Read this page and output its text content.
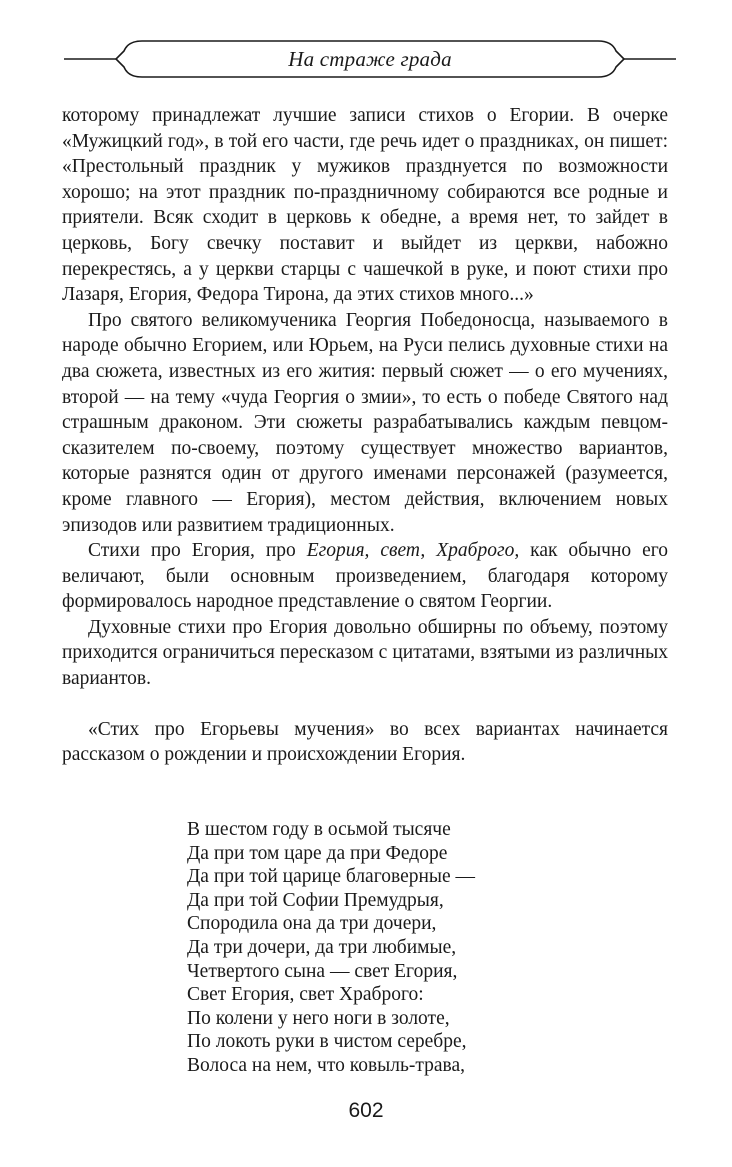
На страже града

которому принадлежат лучшие записи стихов о Егории. В очерке «Мужицкий год», в той его части, где речь идет о праздниках, он пишет: «Престольный праздник у мужиков празднуется по возможности хорошо; на этот праздник по-праздничному собираются все родные и приятели. Всяк сходит в церковь к обедне, а время нет, то зайдет в церковь, Богу свечку поставит и выйдет из церкви, набожно перекрестясь, а у церкви старцы с чашечкой в руке, и поют стихи про Лазаря, Егория, Федора Тирона, да этих стихов много...»

Про святого великомученика Георгия Победоносца, называемого в народе обычно Егорием, или Юрьем, на Руси пелись духовные стихи на два сюжета, известных из его жития: первый сюжет — о его мучениях, второй — на тему «чуда Георгия о змии», то есть о победе Святого над страшным драконом. Эти сюжеты разрабатывались каждым певцом-сказителем по-своему, поэтому существует множество вариантов, которые разнятся один от другого именами персонажей (разумеется, кроме главного — Егория), местом действия, включением новых эпизодов или развитием традиционных.

Стихи про Егория, про Егория, свет, Храброго, как обычно его величают, были основным произведением, благодаря которому формировалось народное представление о святом Георгии.

Духовные стихи про Егория довольно обширны по объему, поэтому приходится ограничиться пересказом с цитатами, взятыми из различных вариантов.

«Стих про Егорьевы мучения» во всех вариантах начинается рассказом о рождении и происхождении Егория.

В шестом году в осьмой тысяче
Да при том царе да при Федоре
Да при той царице благоверные —
Да при той Софии Премудрыя,
Спородила она да три дочери,
Да три дочери, да три любимые,
Четвертого сына — свет Егория,
Свет Егория, свет Храброго:
По колени у него ноги в золоте,
По локоть руки в чистом серебре,
Волоса на нем, что ковыль-трава,
602
